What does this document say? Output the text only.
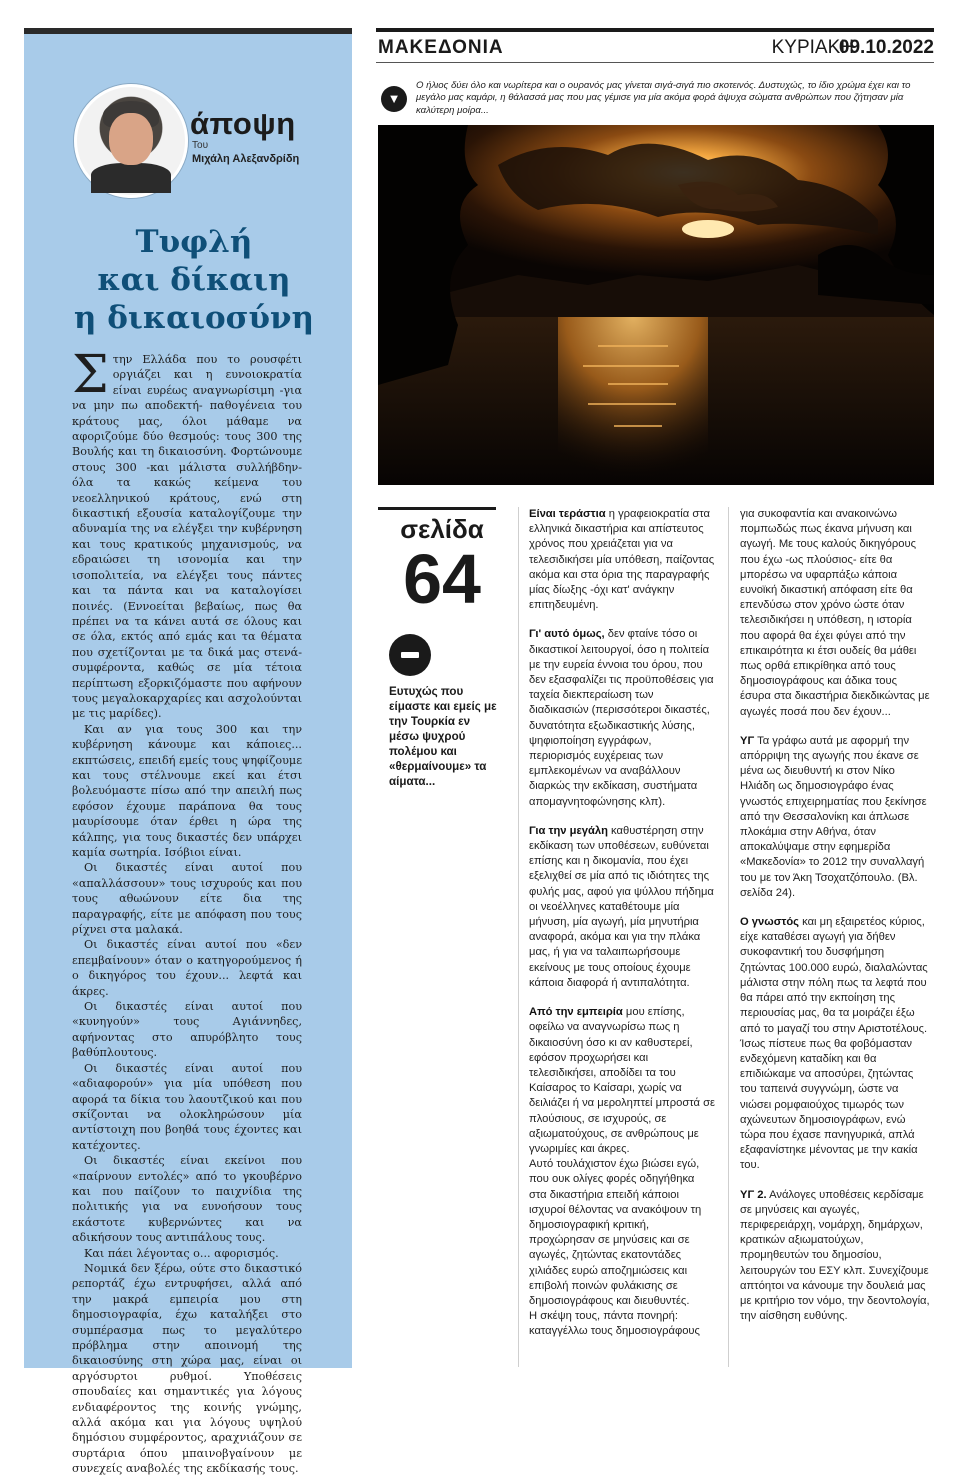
άποψη
Του
Μιχάλη Αλεξανδρίδη
Τυφλή
και δίκαιη
η δικαιοσύνη

Στην Ελλάδα που το ρουσφέτι οργιάζει και η ευνοιοκρατία είναι ευρέως αναγνωρίσιμη -για να μην πω αποδεκτή- παθογένεια του κράτους μας, όλοι μάθαμε να αφοριζούμε δύο θεσμούς: τους 300 της Βουλής και τη δικαιοσύνη. Φορτώνουμε στους 300 -και μάλιστα συλλήβδην- όλα τα κακώς κείμενα του νεοελληνικού κράτους, ενώ στη δικαστική εξουσία καταλογίζουμε την αδυναμία της να ελέγξει την κυβέρνηση και τους κρατικούς μηχανισμούς, να εδραιώσει τη ισονομία και την ισοπολιτεία, να ελέγξει τους πάντες και τα πάντα και να καταλογίσει ποινές. (Εννοείται βεβαίως, πως θα πρέπει να τα κάνει αυτά σε όλους και σε όλα, εκτός από εμάς και τα θέματα που σχετίζονται με τα δικά μας στενά-συμφέροντα, καθώς σε μία τέτοια περίπτωση εξορκιζόμαστε που αφήνουν τους μεγαλοκαρχαρίες και ασχολούνται με τις μαρίδες).

Και αν για τους 300 και την κυβέρνηση κάνουμε και κάποιες... εκπτώσεις, επειδή εμείς τους ψηφίζουμε και τους στέλνουμε εκεί και έτσι βολευόμαστε πίσω από την απειλή πως εφόσον έχουμε παράπονα θα τους μαυρίσουμε όταν έρθει η ώρα της κάλπης, για τους δικαστές δεν υπάρχει καμία σωτηρία. Ισόβιοι είναι.

Οι δικαστές είναι αυτοί που «απαλλάσσουν» τους ισχυρούς και που τους αθωώνουν είτε δια της παραγραφής, είτε με απόφαση που τους ρίχνει στα μαλακά.

Οι δικαστές είναι αυτοί που «δεν επεμβαίνουν» όταν ο κατηγορούμενος ή ο δικηγόρος του έχουν... λεφτά και άκρες.

Οι δικαστές είναι αυτοί που «κυνηγούν» τους Αγιάννηδες, αφήνοντας στο απυρόβλητο τους βαθύπλουτους.

Οι δικαστές είναι αυτοί που «αδιαφορούν» για μία υπόθεση που αφορά τα δίκια του λαουτζικού και που σκίζονται να ολοκληρώσουν μία αντίστοιχη που βοηθά τους έχοντες και κατέχοντες.

Οι δικαστές είναι εκείνοι που «παίρνουν εντολές» από το γκουβέρνο και που παίζουν το παιχνίδια της πολιτικής για να ευνοήσουν τους εκάστοτε κυβερνώντες και να αδικήσουν τους αντιπάλους τους.

Και πάει λέγοντας ο... αφορισμός.

Νομικά δεν ξέρω, ούτε στο δικαστικό ρεπορτάζ έχω εντρυφήσει, αλλά από την μακρά εμπειρία μου στη δημοσιογραφία, έχω καταλήξει στο συμπέρασμα πως το μεγαλύτερο πρόβλημα στην αποινομή της δικαιοσύνης στη χώρα μας, είναι οι αργόσυρτοι ρυθμοί. Υποθέσεις σπουδαίες και σημαντικές για λόγους ενδιαφέροντος της κοινής γνώμης, αλλά ακόμα και για λόγους υψηλού δημόσιου συμφέροντος, αραχνιάζουν σε συρτάρια όπου μπαινοβγαίνουν με συνεχείς αναβολές της εκδίκασής τους.

ΜΑΚΕΔΟΝΙΑ	ΚΥΡΙΑΚΗ
09.10.2022
▼
Ο ήλιος δύει όλο και νωρίτερα και ο ουρανός μας γίνεται σιγά-σιγά πιο σκοτεινός. Δυστυχώς, το ίδιο χρώμα έχει και το μεγάλο μας καμάρι, η θάλασσά μας που μας γέμισε για μία ακόμα φορά άψυχα σώματα ανθρώπων που ζήτησαν μία καλύτερη μοίρα...
σελίδα
64
Ευτυχώς που είμαστε και εμείς με την Τουρκία εν μέσω ψυχρού πολέμου και «θερμαίνουμε» τα αίματα...

Είναι τεράστια η γραφειοκρατία στα ελληνικά δικαστήρια και απίστευτος χρόνος που χρειάζεται για να τελεσιδικήσει μία υπόθεση, παίζοντας ακόμα και στα όρια της παραγραφής μίας δίωξης -όχι κατ' ανάγκην επιτηδευμένη.

Γι' αυτό όμως, δεν φταίνε τόσο οι δικαστικοί λειτουργοί, όσο η πολιτεία με την ευρεία έννοια του όρου, που δεν εξασφαλίζει τις προϋποθέσεις για ταχεία διεκπεραίωση των διαδικασιών (περισσότεροι δικαστές, δυνατότητα εξωδικαστικής λύσης, ψηφιοποίηση εγγράφων, περιορισμός ευχέρειας των εμπλεκομένων να αναβάλλουν διαρκώς την εκδίκαση, συστήματα απομαγνητοφώνησης κλπ).

Για την μεγάλη καθυστέρηση στην εκδίκαση των υποθέσεων, ευθύνεται επίσης και η δικομανία, που έχει εξελιχθεί σε μία από τις ιδιότητες της φυλής μας, αφού για ψύλλου πήδημα οι νεοέλληνες καταθέτουμε μία μήνυση, μία αγωγή, μία μηνυτήρια αναφορά, ακόμα και για την πλάκα μας, ή για να ταλαιπωρήσουμε εκείνους με τους οποίους έχουμε κάποια διαφορά ή αντιπαλότητα.

Από την εμπειρία μου επίσης, οφείλω να αναγνωρίσω πως η δικαιοσύνη όσο κι αν καθυστερεί, εφόσον προχωρήσει και τελεσιδικήσει, αποδίδει τα του Καίσαρος το Καίσαρι, χωρίς να δειλιάζει ή να μεροληπτεί μπροστά σε πλούσιους, σε ισχυρούς, σε αξιωματούχους, σε ανθρώπους με γνωριμίες και άκρες.
Αυτό τουλάχιστον έχω βιώσει εγώ, που ουκ ολίγες φορές οδηγήθηκα στα δικαστήρια επειδή κάποιοι ισχυροί θέλοντας να ανακόψουν τη δημοσιογραφική κριτική, προχώρησαν σε μηνύσεις και σε αγωγές, ζητώντας εκατοντάδες χιλιάδες ευρώ αποζημιώσεις και επιβολή ποινών φυλάκισης σε δημοσιογράφους και διευθυντές.
Η σκέψη τους, πάντα πονηρή: καταγγέλλω τους δημοσιογράφους

για συκοφαντία και ανακοινώνω πομπωδώς πως έκανα μήνυση και αγωγή. Με τους καλούς δικηγόρους που έχω -ως πλούσιος- είτε θα μπορέσω να υφαρπάξω κάποια ευνοϊκή δικαστική απόφαση είτε θα επενδύσω στον χρόνο ώστε όταν τελεσιδικήσει η υπόθεση, η ιστορία που αφορά θα έχει φύγει από την επικαιρότητα κι έτσι ουδείς θα μάθει πως ορθά επικρίθηκα από τους δημοσιογράφους και άδικα τους έσυρα στα δικαστήρια διεκδικώντας με αγωγές ποσά που δεν έχουν...

ΥΓ Τα γράφω αυτά με αφορμή την απόρριψη της αγωγής που έκανε σε μένα ως διευθυντή κι στον Νίκο Ηλιάδη ως δημοσιογράφο ένας γνωστός επιχειρηματίας που ξεκίνησε από την Θεσσαλονίκη και άπλωσε πλοκάμια στην Αθήνα, όταν αποκαλύψαμε στην εφημερίδα «Μακεδονία» το 2012 την συναλλαγή του με τον Άκη Τσοχατζόπουλο. (Βλ. σελίδα 24).

Ο γνωστός και μη εξαιρετέος κύριος, είχε καταθέσει αγωγή για δήθεν συκοφαντική του δυσφήμηση ζητώντας 100.000 ευρώ, διαλαλώντας μάλιστα στην πόλη πως τα λεφτά που θα πάρει από την εκποίηση της περιουσίας μας, θα τα μοιράζει έξω από το μαγαζί του στην Αριστοτέλους. Ίσως πίστευε πως θα φοβόμασταν ενδεχόμενη καταδίκη και θα επιδιώκαμε να αποσύρει, ζητώντας του ταπεινά συγγνώμη, ώστε να νιώσει ρομφαιούχος τιμωρός των αχώνευτων δημοσιογράφων, ενώ τώρα που έχασε πανηγυρικά, απλά εξαφανίστηκε μένοντας με την κακία του.

ΥΓ 2. Ανάλογες υποθέσεις κερδίσαμε σε μηνύσεις και αγωγές, περιφερειάρχη, νομάρχη, δημάρχων, κρατικών αξιωματούχων, προμηθευτών του δημοσίου, λειτουργών του ΕΣΥ κλπ. Συνεχίζουμε απτόητοι να κάνουμε την δουλειά μας με κριτήριο τον νόμο, την δεοντολογία, την αίσθηση ευθύνης.
